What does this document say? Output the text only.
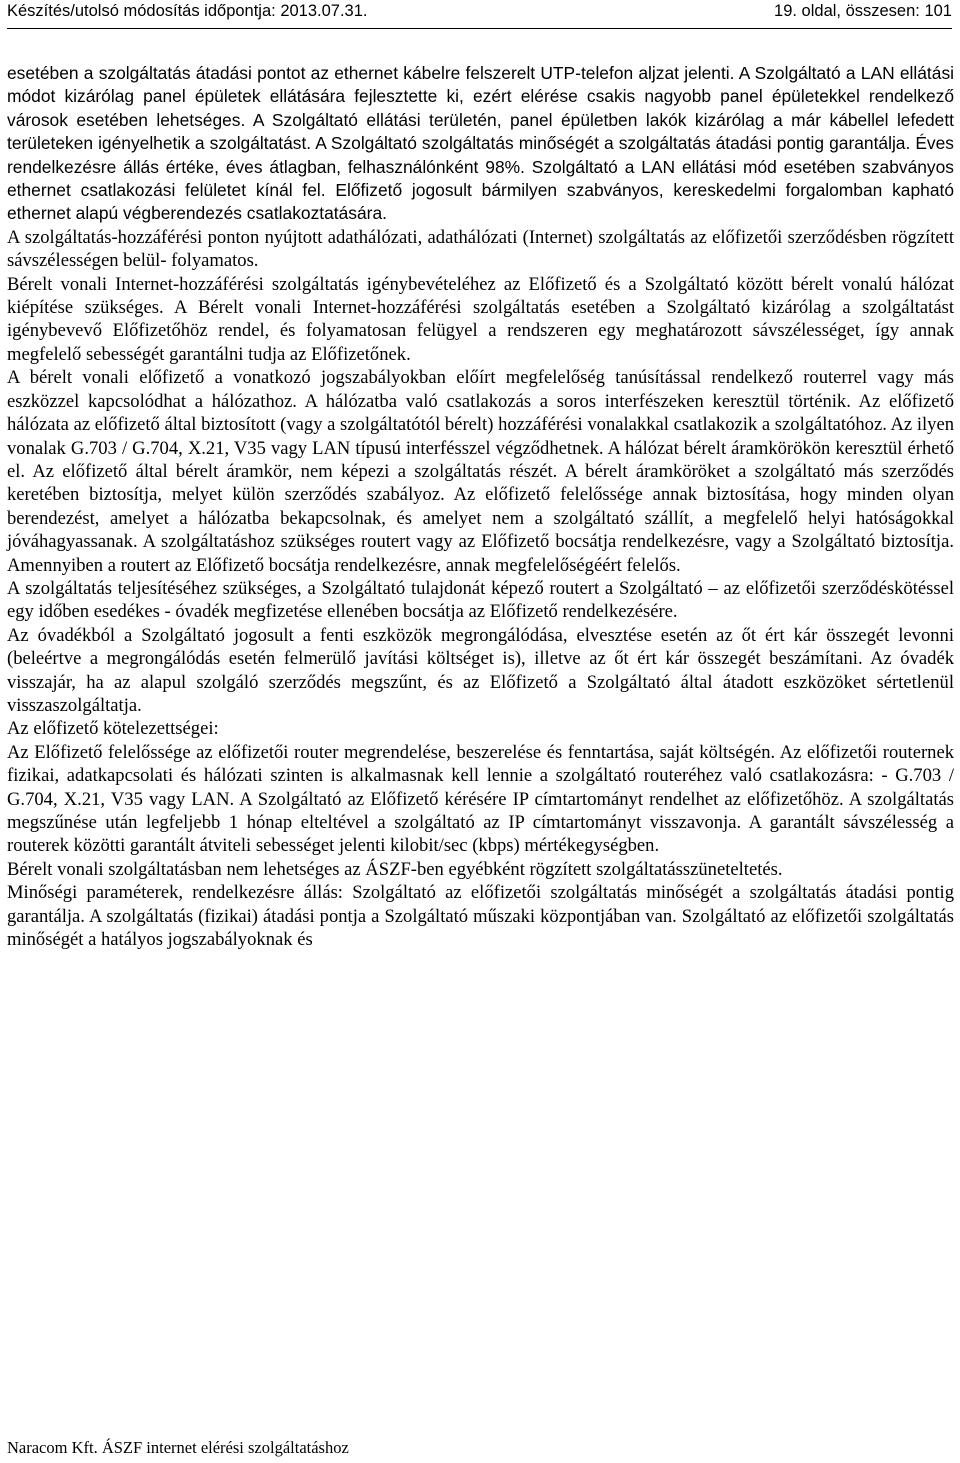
Készítés/utolsó módosítás időpontja: 2013.07.31.	19. oldal, összesen: 101

esetében a szolgáltatás átadási pontot az ethernet kábelre felszerelt UTP-telefon aljzat jelenti. A Szolgáltató a LAN ellátási módot kizárólag panel épületek ellátására fejlesztette ki, ezért elérése csakis nagyobb panel épületekkel rendelkező városok esetében lehetséges. A Szolgáltató ellátási területén, panel épületben lakók kizárólag a már kábellel lefedett területeken igényelhetik a szolgáltatást. A Szolgáltató szolgáltatás minőségét a szolgáltatás átadási pontig garantálja. Éves rendelkezésre állás értéke, éves átlagban, felhasználónként 98%. Szolgáltató a LAN ellátási mód esetében szabványos ethernet csatlakozási felületet kínál fel. Előfizető jogosult bármilyen szabványos, kereskedelmi forgalomban kapható ethernet alapú végberendezés csatlakoztatására.

A szolgáltatás-hozzáférési ponton nyújtott adathálózati, adathálózati (Internet) szolgáltatás az előfizetői szerződésben rögzített sávszélességen belül- folyamatos.

Bérelt vonali Internet-hozzáférési szolgáltatás igénybevételéhez az Előfizető és a Szolgáltató között bérelt vonalú hálózat kiépítése szükséges. A Bérelt vonali Internet-hozzáférési szolgáltatás esetében a Szolgáltató kizárólag a szolgáltatást igénybevevő Előfizetőhöz rendel, és folyamatosan felügyel a rendszeren egy meghatározott sávszélességet, így annak megfelelő sebességét garantálni tudja az Előfizetőnek.

A bérelt vonali előfizető a vonatkozó jogszabályokban előírt megfelelőség tanúsítással rendelkező routerrel vagy más eszközzel kapcsolódhat a hálózathoz. A hálózatba való csatlakozás a soros interfészeken keresztül történik. Az előfizető hálózata az előfizető által biztosított (vagy a szolgáltatótól bérelt) hozzáférési vonalakkal csatlakozik a szolgáltatóhoz. Az ilyen vonalak G.703 / G.704, X.21, V35 vagy LAN típusú interfésszel végződhetnek. A hálózat bérelt áramkörökön keresztül érhető el. Az előfizető által bérelt áramkör, nem képezi a szolgáltatás részét. A bérelt áramköröket a szolgáltató más szerződés keretében biztosítja, melyet külön szerződés szabályoz. Az előfizető felelőssége annak biztosítása, hogy minden olyan berendezést, amelyet a hálózatba bekapcsolnak, és amelyet nem a szolgáltató szállít, a megfelelő helyi hatóságokkal jóváhagyassanak. A szolgáltatáshoz szükséges routert vagy az Előfizető bocsátja rendelkezésre, vagy a Szolgáltató biztosítja. Amennyiben a routert az Előfizető bocsátja rendelkezésre, annak megfelelőségéért felelős.

A szolgáltatás teljesítéséhez szükséges, a Szolgáltató tulajdonát képező routert a Szolgáltató – az előfizetői szerződéskötéssel egy időben esedékes - óvadék megfizetése ellenében bocsátja az Előfizető rendelkezésére.

Az óvadékból a Szolgáltató jogosult a fenti eszközök megrongálódása, elvesztése esetén az őt ért kár összegét levonni (beleértve a megrongálódás esetén felmerülő javítási költséget is), illetve az őt ért kár összegét beszámítani. Az óvadék visszajár, ha az alapul szolgáló szerződés megszűnt, és az Előfizető a Szolgáltató által átadott eszközöket sértetlenül visszaszolgáltatja.

Az előfizető kötelezettségei:

Az Előfizető felelőssége az előfizetői router megrendelése, beszerelése és fenntartása, saját költségén. Az előfizetői routernek fizikai, adatkapcsolati és hálózati szinten is alkalmasnak kell lennie a szolgáltató routeréhez való csatlakozásra: - G.703 / G.704, X.21, V35 vagy LAN. A Szolgáltató az Előfizető kérésére IP címtartományt rendelhet az előfizetőhöz. A szolgáltatás megszűnése után legfeljebb 1 hónap elteltével a szolgáltató az IP címtartományt visszavonja. A garantált sávszélesség a routerek közötti garantált átviteli sebességet jelenti kilobit/sec (kbps) mértékegységben.

Bérelt vonali szolgáltatásban nem lehetséges az ÁSZF-ben egyébként rögzített szolgáltatásszüneteltetés.

Minőségi paraméterek, rendelkezésre állás: Szolgáltató az előfizetői szolgáltatás minőségét a szolgáltatás átadási pontig garantálja. A szolgáltatás (fizikai) átadási pontja a Szolgáltató műszaki központjában van. Szolgáltató az előfizetői szolgáltatás minőségét a hatályos jogszabályoknak és

Naracom Kft. ÁSZF internet elérési szolgáltatáshoz
